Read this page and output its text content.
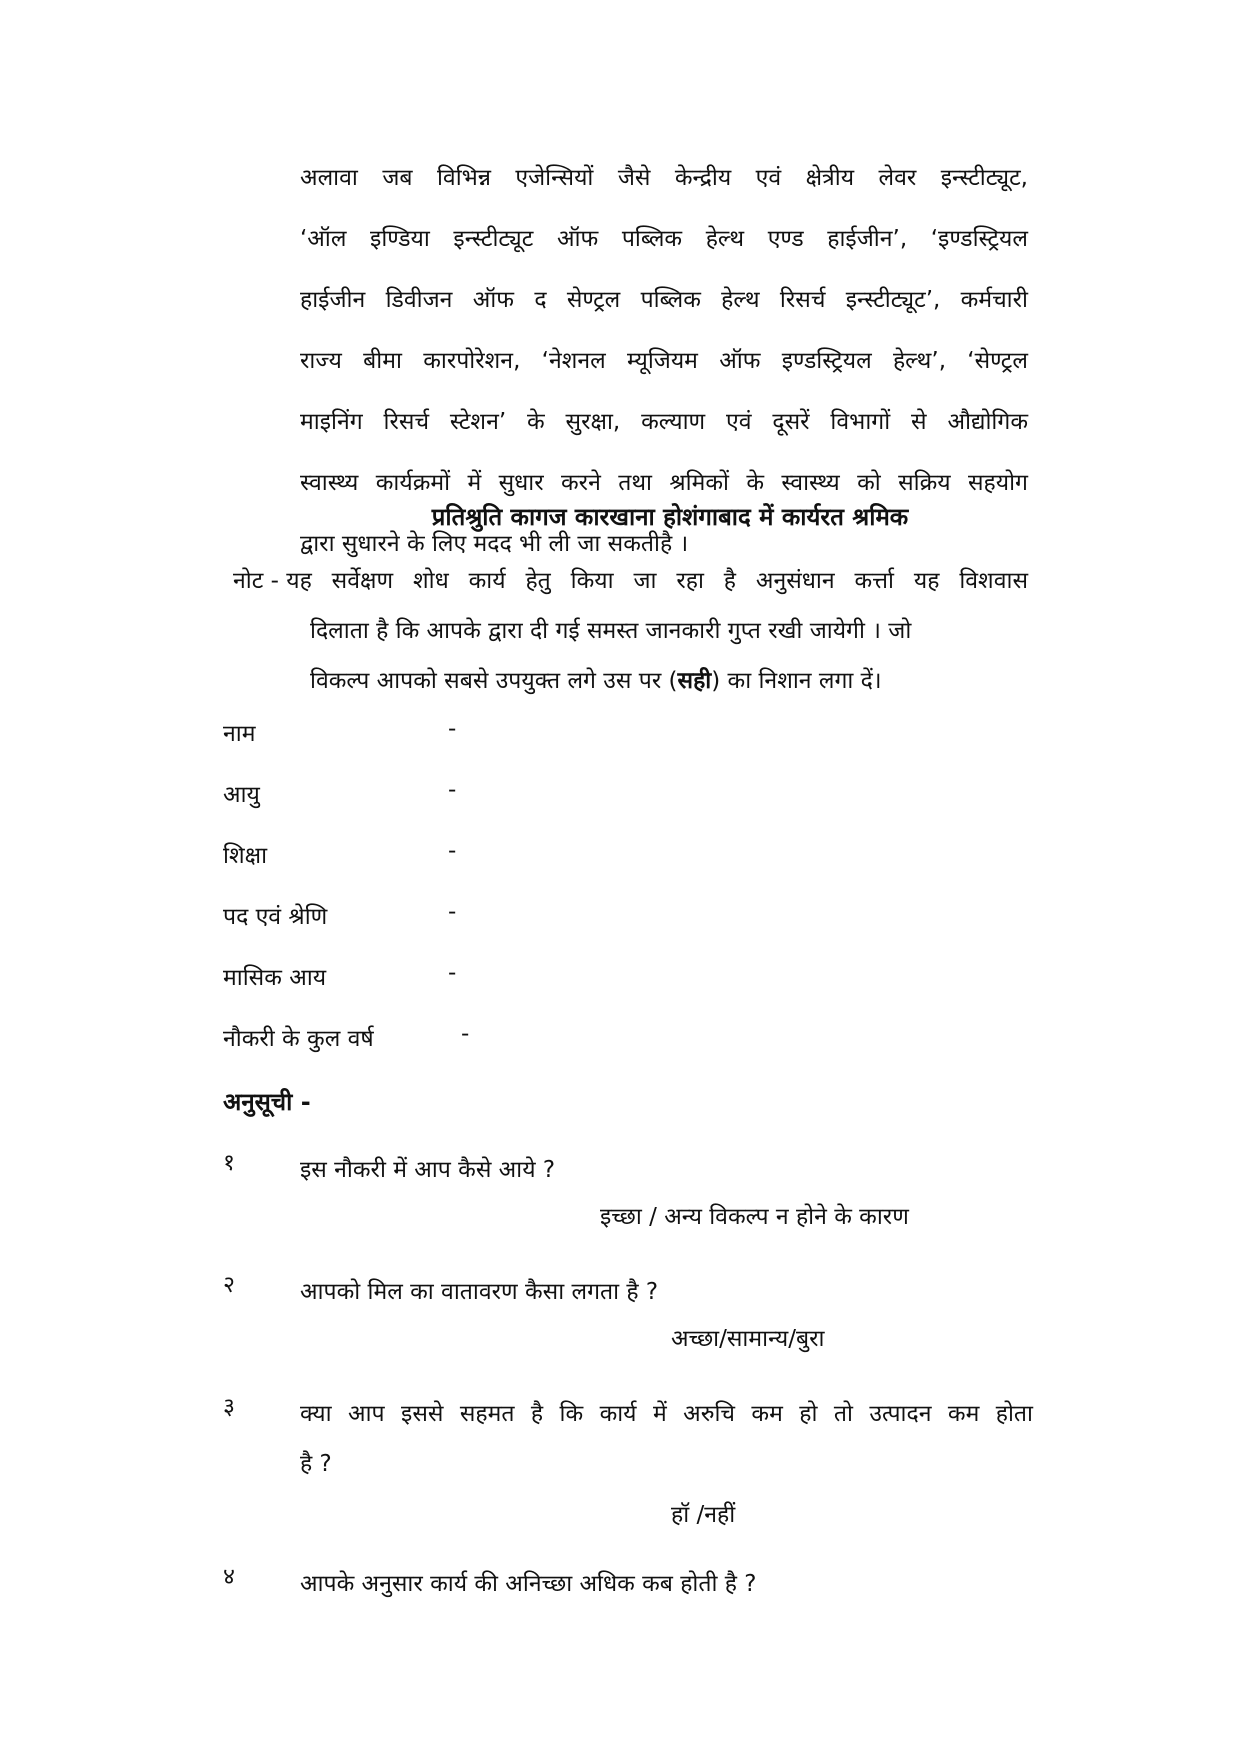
अलावा जब विभिन्न एजेन्सियों जैसे केन्द्रीय एवं क्षेत्रीय लेवर इन्स्टीट्यूट,
‘ऑल इण्डिया इन्स्टीट्यूट ऑफ पब्लिक हेल्थ एण्ड हाईजीन’, ‘इण्डस्ट्रियल
हाईजीन डिवीजन ऑफ द सेण्ट्रल पब्लिक हेल्थ रिसर्च इन्स्टीट्यूट’, कर्मचारी
राज्य बीमा कारपोरेशन, ‘नेशनल म्यूजियम ऑफ इण्डस्ट्रियल हेल्थ’, ‘सेण्ट्रल
माइनिंग रिसर्च स्टेशन’ के सुरक्षा, कल्याण एवं दूसरें विभागों से औद्योगिक
स्वास्थ्य कार्यक्रमों में सुधार करने तथा श्रमिकों के स्वास्थ्य को सक्रिय सहयोग
द्वारा सुधारने के लिए मदद भी ली जा सकतीहै ।
प्रतिश्रुति कागज कारखाना होशंगाबाद में कार्यरत श्रमिक
नोट - यह सर्वेक्षण शोध कार्य हेतु किया जा रहा है अनुसंधान कर्त्ता यह विशवास
दिलाता है कि आपके द्वारा दी गई समस्त जानकारी गुप्त रखी जायेगी । जो
विकल्प आपको सबसे उपयुक्त लगे उस पर (सही) का निशान लगा दें।
नाम	-
आयु	-
शिक्षा	-
पद एवं श्रेणि	-
मासिक आय	-
नौकरी के कुल वर्ष	-
अनुसूची -
१	इस नौकरी में आप कैसे आये ?
इच्छा / अन्य विकल्प न होने के कारण
२	आपको मिल का वातावरण कैसा लगता है ?
अच्छा/सामान्य/बुरा
३	क्या आप इससे सहमत है कि कार्य में अरुचि कम हो तो उत्पादन कम होता
है ?
हॉ /नहीं
४	आपके अनुसार कार्य की अनिच्छा अधिक कब होती है ?
